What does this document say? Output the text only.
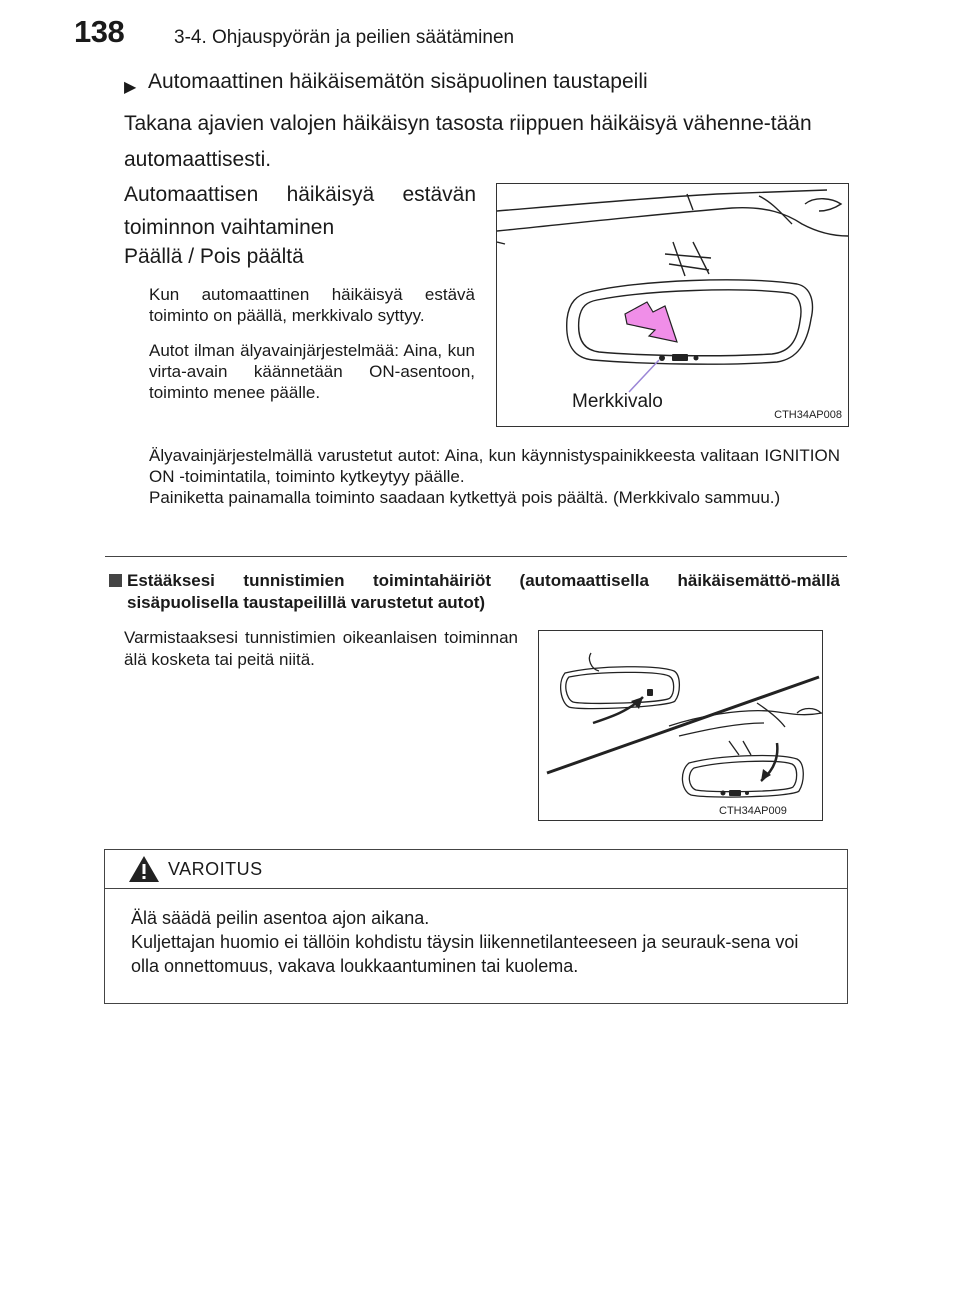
138	3-4. Ohjauspyörän ja peilien säätäminen
▶ Automaattinen häikäisemätön sisäpuolinen taustapeili
Takana ajavien valojen häikäisyn tasosta riippuen häikäisyä vähenne-tään automaattisesti.
Automaattisen häikäisyä estävän toiminnon vaihtaminen
Päällä / Pois päältä
Kun automaattinen häikäisyä estävä toiminto on päällä, merkkivalo syttyy.
Autot ilman älyavainjärjestelmää: Aina, kun virta-avain käännetään ON-asentoon, toiminto menee päälle.
Älyavainjärjestelmällä varustetut autot: Aina, kun käynnistyspainikkeesta valitaan IGNITION ON -toimintatila, toiminto kytkeytyy päälle.
Painiketta painamalla toiminto saadaan kytkettyä pois päältä. (Merkkivalo sammuu.)
Merkkivalo
CTH34AP008
Estääksesi tunnistimien toimintahäiriöt (automaattisella häikäisemättö-mällä sisäpuolisella taustapeilillä varustetut autot)
Varmistaaksesi tunnistimien oikeanlaisen toiminnan älä kosketa tai peitä niitä.
CTH34AP009
VAROITUS
Älä säädä peilin asentoa ajon aikana.
Kuljettajan huomio ei tällöin kohdistu täysin liikennetilanteeseen ja seurauk-sena voi olla onnettomuus, vakava loukkaantuminen tai kuolema.
